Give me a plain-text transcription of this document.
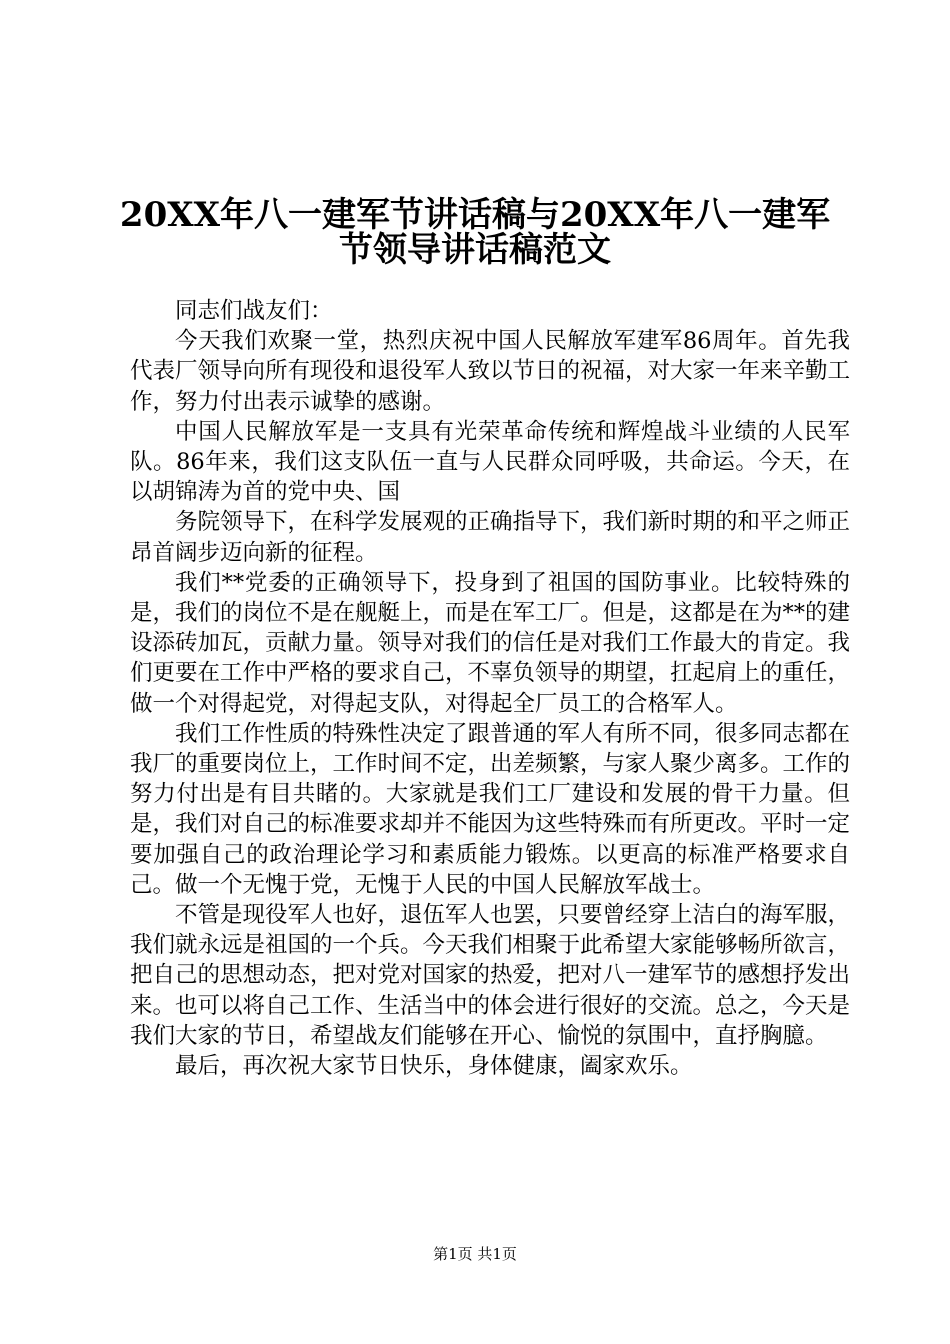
20XX年八一建军节讲话稿与20XX年八一建军
节领导讲话稿范文

同志们战友们：

今天我们欢聚一堂，热烈庆祝中国人民解放军建军86周年。首先我代表厂领导向所有现役和退役军人致以节日的祝福，对大家一年来辛勤工作，努力付出表示诚挚的感谢。

中国人民解放军是一支具有光荣革命传统和辉煌战斗业绩的人民军队。86年来，我们这支队伍一直与人民群众同呼吸，共命运。今天，在以胡锦涛为首的党中央、国

务院领导下，在科学发展观的正确指导下，我们新时期的和平之师正昂首阔步迈向新的征程。

我们**党委的正确领导下，投身到了祖国的国防事业。比较特殊的是，我们的岗位不是在舰艇上，而是在军工厂。但是，这都是在为**的建设添砖加瓦，贡献力量。领导对我们的信任是对我们工作最大的肯定。我们更要在工作中严格的要求自己，不辜负领导的期望，扛起肩上的重任，做一个对得起党，对得起支队，对得起全厂员工的合格军人。

我们工作性质的特殊性决定了跟普通的军人有所不同，很多同志都在我厂的重要岗位上，工作时间不定，出差频繁，与家人聚少离多。工作的努力付出是有目共睹的。大家就是我们工厂建设和发展的骨干力量。但是，我们对自己的标准要求却并不能因为这些特殊而有所更改。平时一定要加强自己的政治理论学习和素质能力锻炼。以更高的标准严格要求自己。做一个无愧于党，无愧于人民的中国人民解放军战士。

不管是现役军人也好，退伍军人也罢，只要曾经穿上洁白的海军服，我们就永远是祖国的一个兵。今天我们相聚于此希望大家能够畅所欲言，把自己的思想动态，把对党对国家的热爱，把对八一建军节的感想抒发出来。也可以将自己工作、生活当中的体会进行很好的交流。总之，今天是我们大家的节日，希望战友们能够在开心、愉悦的氛围中，直抒胸臆。

最后，再次祝大家节日快乐，身体健康，阖家欢乐。

第1页 共1页
